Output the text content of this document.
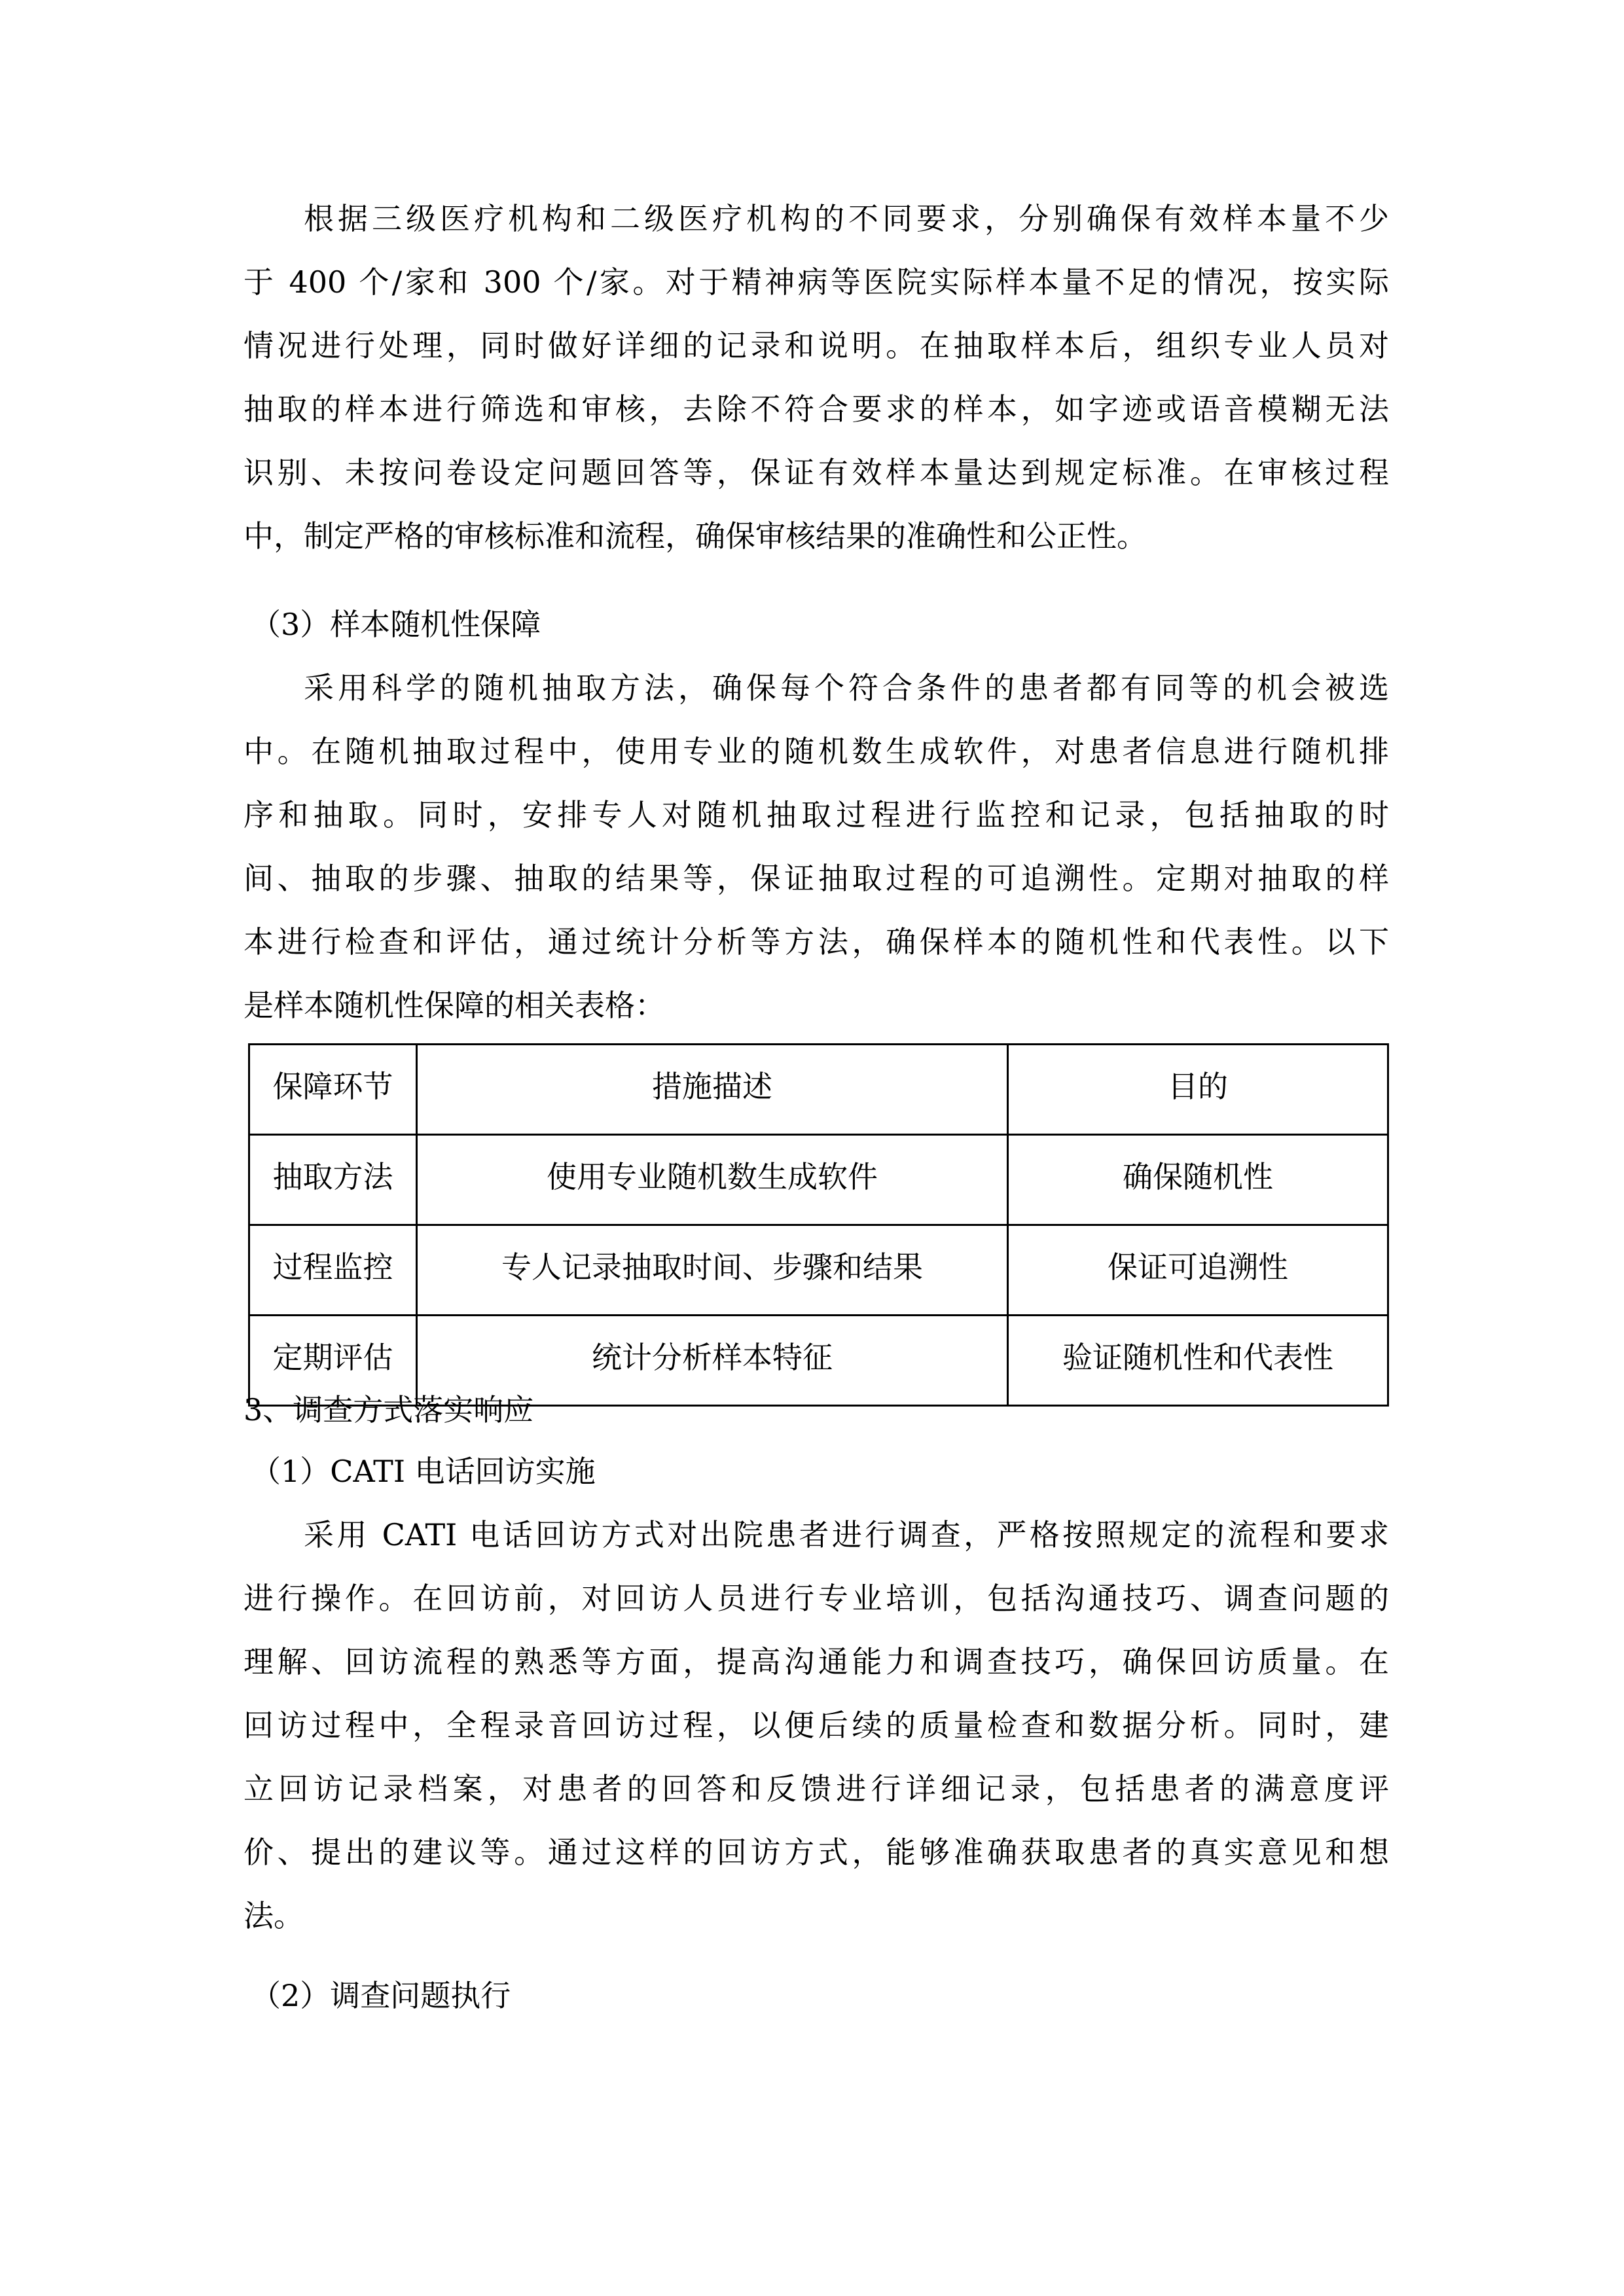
根据三级医疗机构和二级医疗机构的不同要求，分别确保有效样本量不少
于 400 个/家和 300 个/家。对于精神病等医院实际样本量不足的情况，按实际
情况进行处理，同时做好详细的记录和说明。在抽取样本后，组织专业人员对
抽取的样本进行筛选和审核，去除不符合要求的样本，如字迹或语音模糊无法
识别、未按问卷设定问题回答等，保证有效样本量达到规定标准。在审核过程
中，制定严格的审核标准和流程，确保审核结果的准确性和公正性。
（3）样本随机性保障
采用科学的随机抽取方法，确保每个符合条件的患者都有同等的机会被选
中。在随机抽取过程中，使用专业的随机数生成软件，对患者信息进行随机排
序和抽取。同时，安排专人对随机抽取过程进行监控和记录，包括抽取的时
间、抽取的步骤、抽取的结果等，保证抽取过程的可追溯性。定期对抽取的样
本进行检查和评估，通过统计分析等方法，确保样本的随机性和代表性。以下
是样本随机性保障的相关表格：
保障环节	措施描述	目的
抽取方法	使用专业随机数生成软件	确保随机性
过程监控	专人记录抽取时间、步骤和结果	保证可追溯性
定期评估	统计分析样本特征	验证随机性和代表性
3、调查方式落实响应
（1）CATI 电话回访实施
采用 CATI 电话回访方式对出院患者进行调查，严格按照规定的流程和要求
进行操作。在回访前，对回访人员进行专业培训，包括沟通技巧、调查问题的
理解、回访流程的熟悉等方面，提高沟通能力和调查技巧，确保回访质量。在
回访过程中，全程录音回访过程，以便后续的质量检查和数据分析。同时，建
立回访记录档案，对患者的回答和反馈进行详细记录，包括患者的满意度评
价、提出的建议等。通过这样的回访方式，能够准确获取患者的真实意见和想
法。
（2）调查问题执行
